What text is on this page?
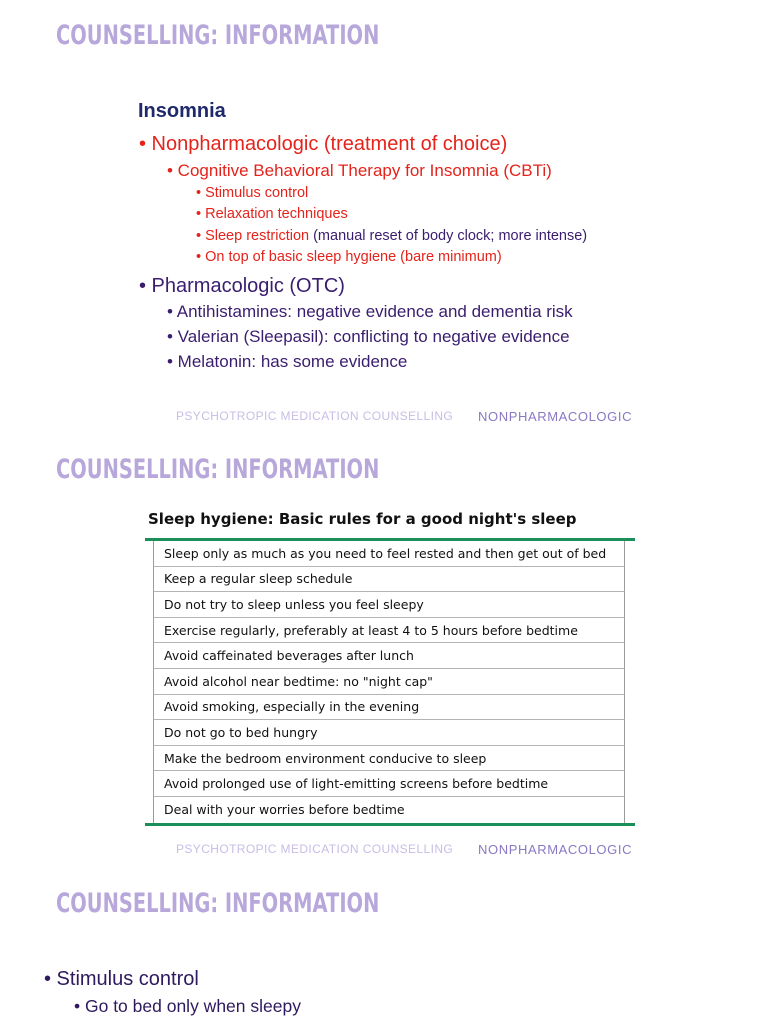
COUNSELLING: INFORMATION
Insomnia
• Nonpharmacologic (treatment of choice)
• Cognitive Behavioral Therapy for Insomnia (CBTi)
• Stimulus control
• Relaxation techniques
• Sleep restriction (manual reset of body clock; more intense)
• On top of basic sleep hygiene (bare minimum)
• Pharmacologic (OTC)
• Antihistamines: negative evidence and dementia risk
• Valerian (Sleepasil): conflicting to negative evidence
• Melatonin: has some evidence
PSYCHOTROPIC MEDICATION COUNSELLING NONPHARMACOLOGIC
COUNSELLING: INFORMATION
Sleep hygiene: Basic rules for a good night's sleep
Sleep only as much as you need to feel rested and then get out of bed
Keep a regular sleep schedule
Do not try to sleep unless you feel sleepy
Exercise regularly, preferably at least 4 to 5 hours before bedtime
Avoid caffeinated beverages after lunch
Avoid alcohol near bedtime: no "night cap"
Avoid smoking, especially in the evening
Do not go to bed hungry
Make the bedroom environment conducive to sleep
Avoid prolonged use of light-emitting screens before bedtime
Deal with your worries before bedtime
PSYCHOTROPIC MEDICATION COUNSELLING NONPHARMACOLOGIC
COUNSELLING: INFORMATION
• Stimulus control
• Go to bed only when sleepy
